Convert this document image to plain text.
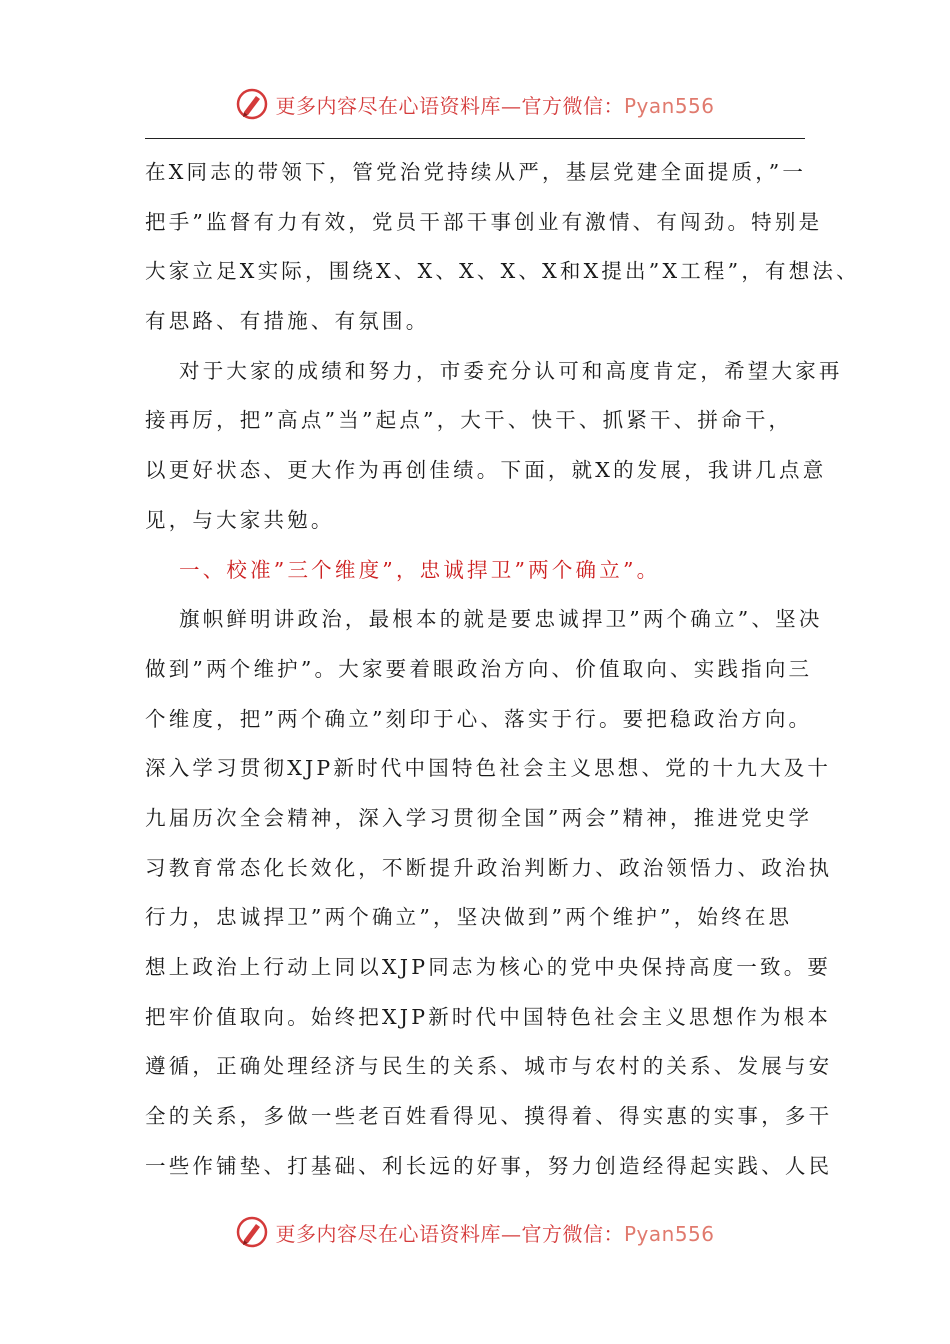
更多内容尽在心语资料库—官方微信：Pyan556
在X同志的带领下，管党治党持续从严，基层党建全面提质，”一
把手”监督有力有效，党员干部干事创业有激情、有闯劲。特别是
大家立足X实际，围绕X、X、X、X、X和X提出”X工程”，有想法、
有思路、有措施、有氛围。
对于大家的成绩和努力，市委充分认可和高度肯定，希望大家再
接再厉，把”高点”当”起点”，大干、快干、抓紧干、拼命干，
以更好状态、更大作为再创佳绩。下面，就X的发展，我讲几点意
见，与大家共勉。
一、校准”三个维度”，忠诚捍卫”两个确立”。
旗帜鲜明讲政治，最根本的就是要忠诚捍卫”两个确立”、坚决
做到”两个维护”。大家要着眼政治方向、价值取向、实践指向三
个维度，把”两个确立”刻印于心、落实于行。要把稳政治方向。
深入学习贯彻XJP新时代中国特色社会主义思想、党的十九大及十
九届历次全会精神，深入学习贯彻全国”两会”精神，推进党史学
习教育常态化长效化，不断提升政治判断力、政治领悟力、政治执
行力，忠诚捍卫”两个确立”，坚决做到”两个维护”，始终在思
想上政治上行动上同以XJP同志为核心的党中央保持高度一致。要
把牢价值取向。始终把XJP新时代中国特色社会主义思想作为根本
遵循，正确处理经济与民生的关系、城市与农村的关系、发展与安
全的关系，多做一些老百姓看得见、摸得着、得实惠的实事，多干
一些作铺垫、打基础、利长远的好事，努力创造经得起实践、人民
更多内容尽在心语资料库—官方微信：Pyan556
